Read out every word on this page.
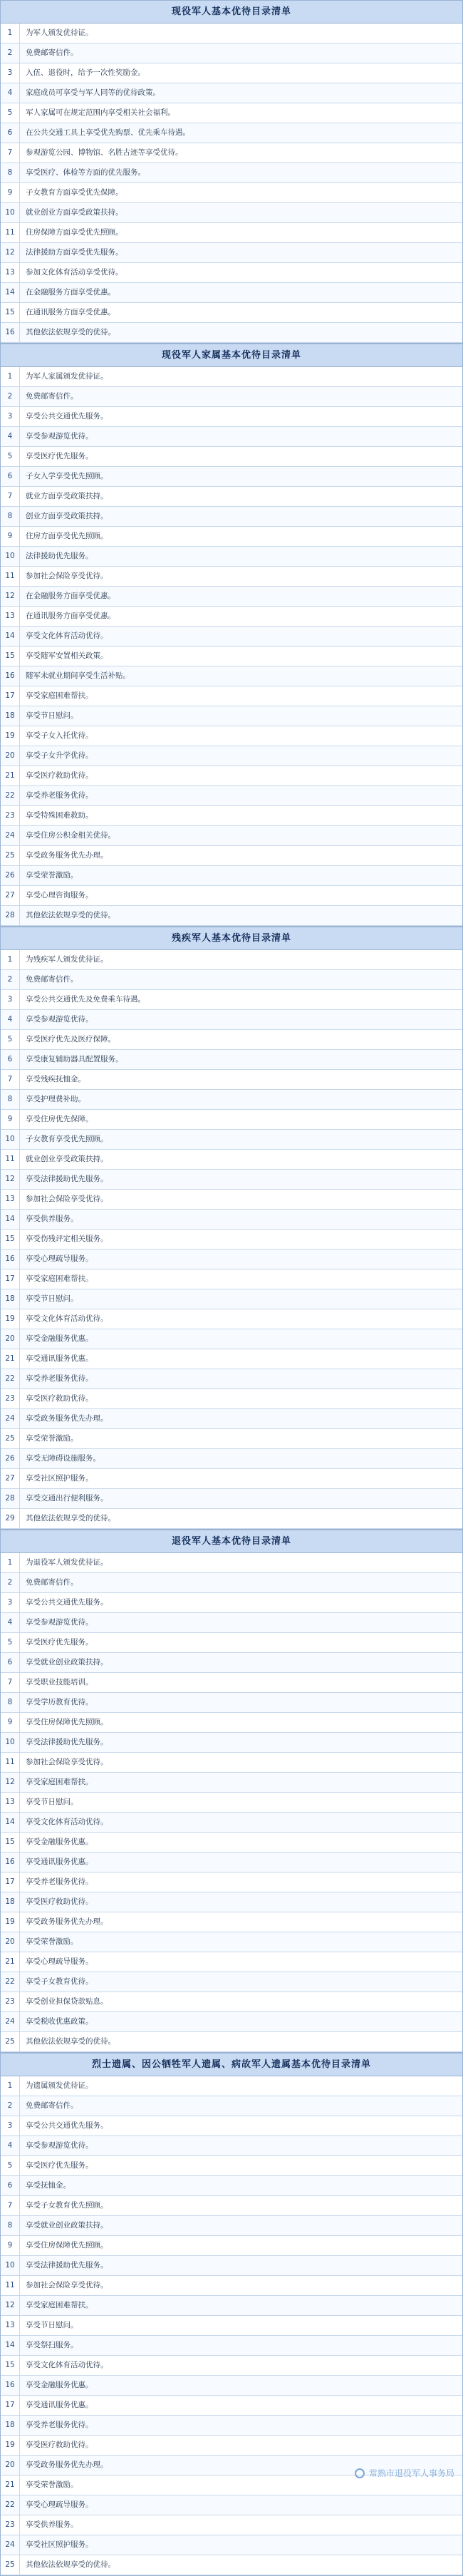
现役军人基本优待目录清单
1	为军人颁发优待证。
2	免费邮寄信件。
3	入伍、退役时，给予一次性奖励金。
4	家庭成员可享受与军人同等的优待政策。
5	军人家属可在规定范围内享受相关社会福利。
6	在公共交通工具上享受优先购票、优先乘车待遇。
7	参观游览公园、博物馆、名胜古迹等享受优待。
8	享受医疗、体检等方面的优先服务。
9	子女教育方面享受优先保障。
10	就业创业方面享受政策扶持。
11	住房保障方面享受优先照顾。
12	法律援助方面享受优先服务。
13	参加文化体育活动享受优待。
14	在金融服务方面享受优惠。
15	在通讯服务方面享受优惠。
16	其他依法依规享受的优待。
现役军人家属基本优待目录清单
1	为军人家属颁发优待证。
2	免费邮寄信件。
3	享受公共交通优先服务。
4	享受参观游览优待。
5	享受医疗优先服务。
6	子女入学享受优先照顾。
7	就业方面享受政策扶持。
8	创业方面享受政策扶持。
9	住房方面享受优先照顾。
10	法律援助优先服务。
11	参加社会保险享受优待。
12	在金融服务方面享受优惠。
13	在通讯服务方面享受优惠。
14	享受文化体育活动优待。
15	享受随军安置相关政策。
16	随军未就业期间享受生活补贴。
17	享受家庭困难帮扶。
18	享受节日慰问。
19	享受子女入托优待。
20	享受子女升学优待。
21	享受医疗救助优待。
22	享受养老服务优待。
23	享受特殊困难救助。
24	享受住房公积金相关优待。
25	享受政务服务优先办理。
26	享受荣誉激励。
27	享受心理咨询服务。
28	其他依法依规享受的优待。
残疾军人基本优待目录清单
1	为残疾军人颁发优待证。
2	免费邮寄信件。
3	享受公共交通优先及免费乘车待遇。
4	享受参观游览优待。
5	享受医疗优先及医疗保障。
6	享受康复辅助器具配置服务。
7	享受残疾抚恤金。
8	享受护理费补助。
9	享受住房优先保障。
10	子女教育享受优先照顾。
11	就业创业享受政策扶持。
12	享受法律援助优先服务。
13	参加社会保险享受优待。
14	享受供养服务。
15	享受伤残评定相关服务。
16	享受心理疏导服务。
17	享受家庭困难帮扶。
18	享受节日慰问。
19	享受文化体育活动优待。
20	享受金融服务优惠。
21	享受通讯服务优惠。
22	享受养老服务优待。
23	享受医疗救助优待。
24	享受政务服务优先办理。
25	享受荣誉激励。
26	享受无障碍设施服务。
27	享受社区照护服务。
28	享受交通出行便利服务。
29	其他依法依规享受的优待。
退役军人基本优待目录清单
1	为退役军人颁发优待证。
2	免费邮寄信件。
3	享受公共交通优先服务。
4	享受参观游览优待。
5	享受医疗优先服务。
6	享受就业创业政策扶持。
7	享受职业技能培训。
8	享受学历教育优待。
9	享受住房保障优先照顾。
10	享受法律援助优先服务。
11	参加社会保险享受优待。
12	享受家庭困难帮扶。
13	享受节日慰问。
14	享受文化体育活动优待。
15	享受金融服务优惠。
16	享受通讯服务优惠。
17	享受养老服务优待。
18	享受医疗救助优待。
19	享受政务服务优先办理。
20	享受荣誉激励。
21	享受心理疏导服务。
22	享受子女教育优待。
23	享受创业担保贷款贴息。
24	享受税收优惠政策。
25	其他依法依规享受的优待。
烈士遗属、因公牺牲军人遗属、病故军人遗属基本优待目录清单
1	为遗属颁发优待证。
2	免费邮寄信件。
3	享受公共交通优先服务。
4	享受参观游览优待。
5	享受医疗优先服务。
6	享受抚恤金。
7	享受子女教育优先照顾。
8	享受就业创业政策扶持。
9	享受住房保障优先照顾。
10	享受法律援助优先服务。
11	参加社会保险享受优待。
12	享受家庭困难帮扶。
13	享受节日慰问。
14	享受祭扫服务。
15	享受文化体育活动优待。
16	享受金融服务优惠。
17	享受通讯服务优惠。
18	享受养老服务优待。
19	享受医疗救助优待。
20	享受政务服务优先办理。
21	享受荣誉激励。
22	享受心理疏导服务。
23	享受供养服务。
24	享受社区照护服务。
25	其他依法依规享受的优待。
常熟市退役军人事务局
